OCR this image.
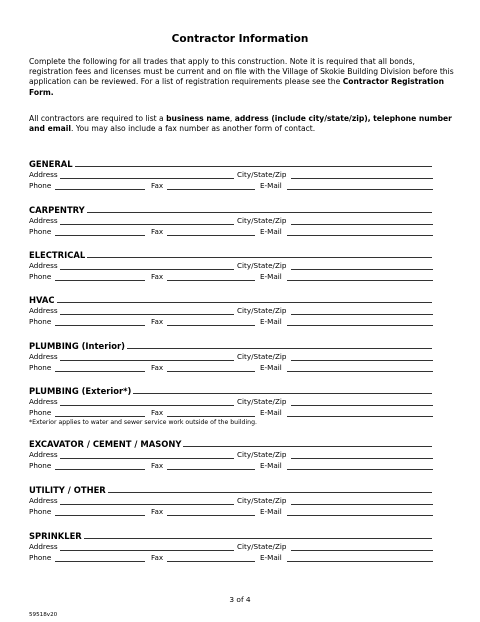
Contractor Information
Complete the following for all trades that apply to this construction. Note it is required that all bonds, registration fees and licenses must be current and on file with the Village of Skokie Building Division before this application can be reviewed. For a list of registration requirements please see the Contractor Registration Form.
All contractors are required to list a business name, address (include city/state/zip), telephone number and email. You may also include a fax number as another form of contact.
GENERAL
Address	City/State/Zip
Phone	Fax	E-Mail
CARPENTRY
Address	City/State/Zip
Phone	Fax	E-Mail
ELECTRICAL
Address	City/State/Zip
Phone	Fax	E-Mail
HVAC
Address	City/State/Zip
Phone	Fax	E-Mail
PLUMBING (Interior)
Address	City/State/Zip
Phone	Fax	E-Mail
PLUMBING (Exterior*)
Address	City/State/Zip
Phone	Fax	E-Mail
*Exterior applies to water and sewer service work outside of the building.
EXCAVATOR / CEMENT / MASONY
Address	City/State/Zip
Phone	Fax	E-Mail
UTILITY / OTHER
Address	City/State/Zip
Phone	Fax	E-Mail
SPRINKLER
Address	City/State/Zip
Phone	Fax	E-Mail
3 of 4
59518v20
